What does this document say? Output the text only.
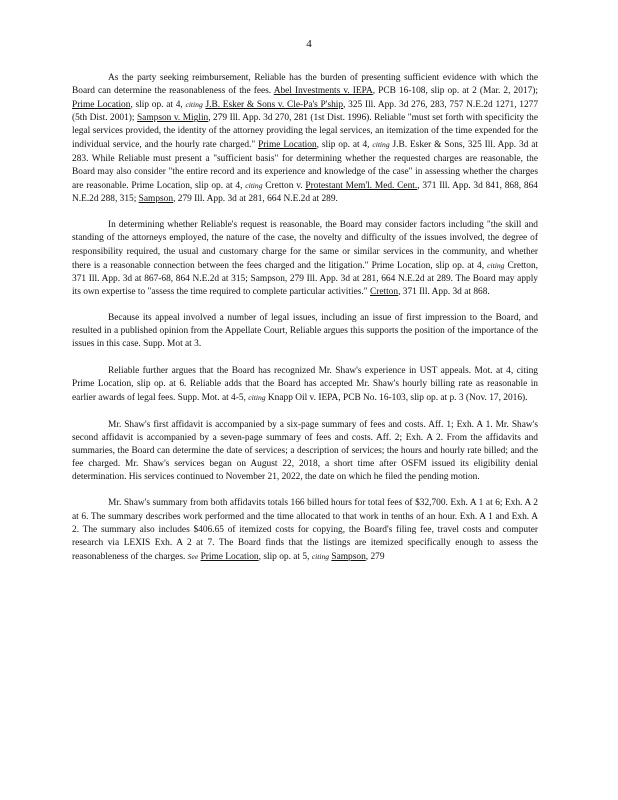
4

As the party seeking reimbursement, Reliable has the burden of presenting sufficient evidence with which the Board can determine the reasonableness of the fees. Abel Investments v. IEPA, PCB 16-108, slip op. at 2 (Mar. 2, 2017); Prime Location, slip op. at 4, citing J.B. Esker & Sons v. Cle-Pa's P'ship, 325 Ill. App. 3d 276, 283, 757 N.E.2d 1271, 1277 (5th Dist. 2001); Sampson v. Miglin, 279 Ill. App. 3d 270, 281 (1st Dist. 1996). Reliable "must set forth with specificity the legal services provided, the identity of the attorney providing the legal services, an itemization of the time expended for the individual service, and the hourly rate charged." Prime Location, slip op. at 4, citing J.B. Esker & Sons, 325 Ill. App. 3d at 283. While Reliable must present a "sufficient basis" for determining whether the requested charges are reasonable, the Board may also consider "the entire record and its experience and knowledge of the case" in assessing whether the charges are reasonable. Prime Location, slip op. at 4, citing Cretton v. Protestant Mem'l. Med. Cent., 371 Ill. App. 3d 841, 868, 864 N.E.2d 288, 315; Sampson, 279 Ill. App. 3d at 281, 664 N.E.2d at 289.

In determining whether Reliable's request is reasonable, the Board may consider factors including "the skill and standing of the attorneys employed, the nature of the case, the novelty and difficulty of the issues involved, the degree of responsibility required, the usual and customary charge for the same or similar services in the community, and whether there is a reasonable connection between the fees charged and the litigation." Prime Location, slip op. at 4, citing Cretton, 371 Ill. App. 3d at 867-68, 864 N.E.2d at 315; Sampson, 279 Ill. App. 3d at 281, 664 N.E.2d at 289. The Board may apply its own expertise to "assess the time required to complete particular activities." Cretton, 371 Ill. App. 3d at 868.

Because its appeal involved a number of legal issues, including an issue of first impression to the Board, and resulted in a published opinion from the Appellate Court, Reliable argues this supports the position of the importance of the issues in this case. Supp. Mot at 3.

Reliable further argues that the Board has recognized Mr. Shaw's experience in UST appeals. Mot. at 4, citing Prime Location, slip op. at 6. Reliable adds that the Board has accepted Mr. Shaw's hourly billing rate as reasonable in earlier awards of legal fees. Supp. Mot. at 4-5, citing Knapp Oil v. IEPA, PCB No. 16-103, slip op. at p. 3 (Nov. 17, 2016).

Mr. Shaw's first affidavit is accompanied by a six-page summary of fees and costs. Aff. 1; Exh. A 1. Mr. Shaw's second affidavit is accompanied by a seven-page summary of fees and costs. Aff. 2; Exh. A 2. From the affidavits and summaries, the Board can determine the date of services; a description of services; the hours and hourly rate billed; and the fee charged. Mr. Shaw's services began on August 22, 2018, a short time after OSFM issued its eligibility denial determination. His services continued to November 21, 2022, the date on which he filed the pending motion.

Mr. Shaw's summary from both affidavits totals 166 billed hours for total fees of $32,700. Exh. A 1 at 6; Exh. A 2 at 6. The summary describes work performed and the time allocated to that work in tenths of an hour. Exh. A 1 and Exh. A 2. The summary also includes $406.65 of itemized costs for copying, the Board's filing fee, travel costs and computer research via LEXIS Exh. A 2 at 7. The Board finds that the listings are itemized specifically enough to assess the reasonableness of the charges. See Prime Location, slip op. at 5, citing Sampson, 279
